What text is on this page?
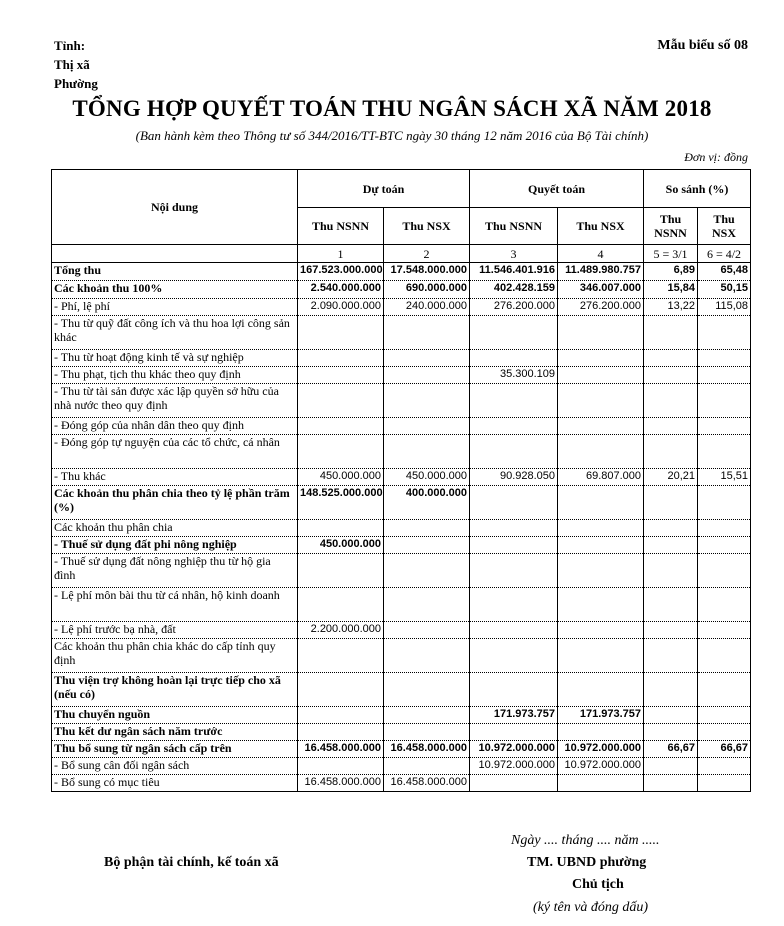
Tỉnh:
Thị xã
Phường
Mẫu biểu số 08
TỔNG HỢP QUYẾT TOÁN THU NGÂN SÁCH XÃ NĂM 2018
(Ban hành kèm theo Thông tư số 344/2016/TT-BTC ngày 30 tháng 12 năm 2016 của Bộ Tài chính)
Đơn vị: đồng
Nội dung	Dự toán		Quyết toán		So sánh (%)	
	Thu NSNN	Thu NSX	Thu NSNN	Thu NSX	Thu NSNN	Thu NSX
	1	2	3	4	5 = 3/1	6 = 4/2
Tổng thu	167.523.000.000	17.548.000.000	11.546.401.916	11.489.980.757	6,89	65,48
Các khoản thu 100%	2.540.000.000	690.000.000	402.428.159	346.007.000	15,84	50,15
- Phí, lệ phí	2.090.000.000	240.000.000	276.200.000	276.200.000	13,22	115,08
- Thu từ quỹ đất công ích và thu hoa lợi công sản khác						
- Thu từ hoạt động kinh tế và sự nghiệp						
- Thu phạt, tịch thu khác theo quy định			35.300.109			
- Thu từ tài sản được xác lập quyền sở hữu của nhà nước theo quy định						
- Đóng góp của nhân dân theo quy định						
- Đóng góp tự nguyện của các tổ chức, cá nhân						
- Thu khác	450.000.000	450.000.000	90.928.050	69.807.000	20,21	15,51
Các khoản thu phân chia theo tỷ lệ phần trăm (%)	148.525.000.000	400.000.000				
Các khoản thu phân chia						
- Thuế sử dụng đất phi nông nghiệp	450.000.000					
- Thuế sử dụng đất nông nghiệp thu từ hộ gia đình						
- Lệ phí môn bài thu từ cá nhân, hộ kinh doanh						
- Lệ phí trước bạ nhà, đất	2.200.000.000					
Các khoản thu phân chia khác do cấp tỉnh quy định						
Thu viện trợ không hoàn lại trực tiếp cho xã (nếu có)						
Thu chuyển nguồn			171.973.757	171.973.757		
Thu kết dư ngân sách năm trước						
Thu bổ sung từ ngân sách cấp trên	16.458.000.000	16.458.000.000	10.972.000.000	10.972.000.000	66,67	66,67
- Bổ sung cân đối ngân sách			10.972.000.000	10.972.000.000		
- Bổ sung có mục tiêu	16.458.000.000	16.458.000.000				
Ngày .... tháng .... năm .....
Bộ phận tài chính, kế toán xã	TM. UBND phường
Chủ tịch
(ký tên và đóng dấu)
